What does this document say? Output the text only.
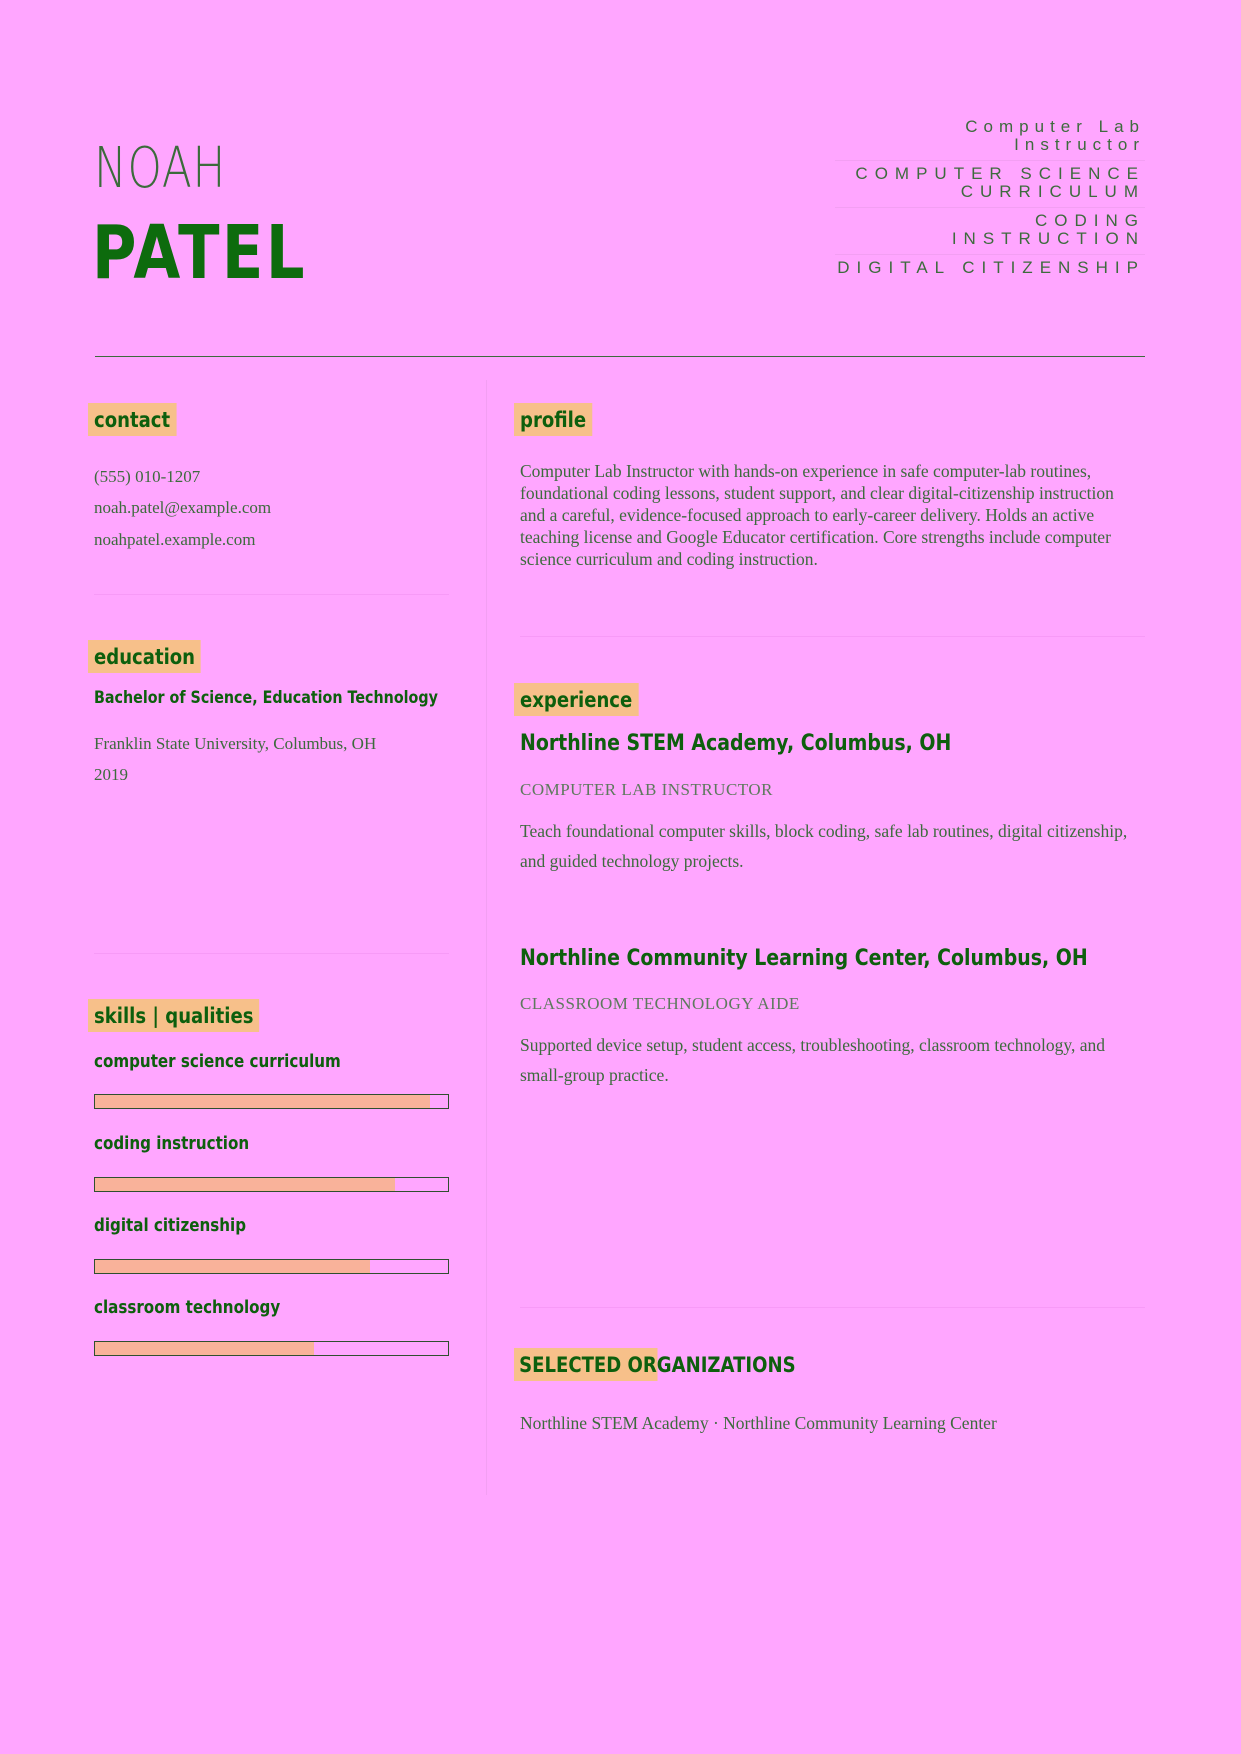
NOAH
PATEL
Computer Lab Instructor
COMPUTER SCIENCE CURRICULUM
CODING INSTRUCTION
DIGITAL CITIZENSHIP
contact
(555) 010-1207
noah.patel@example.com
noahpatel.example.com
education
Bachelor of Science, Education Technology
Franklin State University, Columbus, OH
2019
skills | qualities
computer science curriculum
coding instruction
digital citizenship
classroom technology
profile
Computer Lab Instructor with hands-on experience in safe computer-lab routines, foundational coding lessons, student support, and clear digital-citizenship instruction and a careful, evidence-focused approach to early-career delivery. Holds an active teaching license and Google Educator certification. Core strengths include computer science curriculum and coding instruction.
experience
Northline STEM Academy, Columbus, OH
COMPUTER LAB INSTRUCTOR
Teach foundational computer skills, block coding, safe lab routines, digital citizenship, and guided technology projects.
Northline Community Learning Center, Columbus, OH
CLASSROOM TECHNOLOGY AIDE
Supported device setup, student access, troubleshooting, classroom technology, and small-group practice.
SELECTED ORGANIZATIONS
Northline STEM Academy · Northline Community Learning Center
